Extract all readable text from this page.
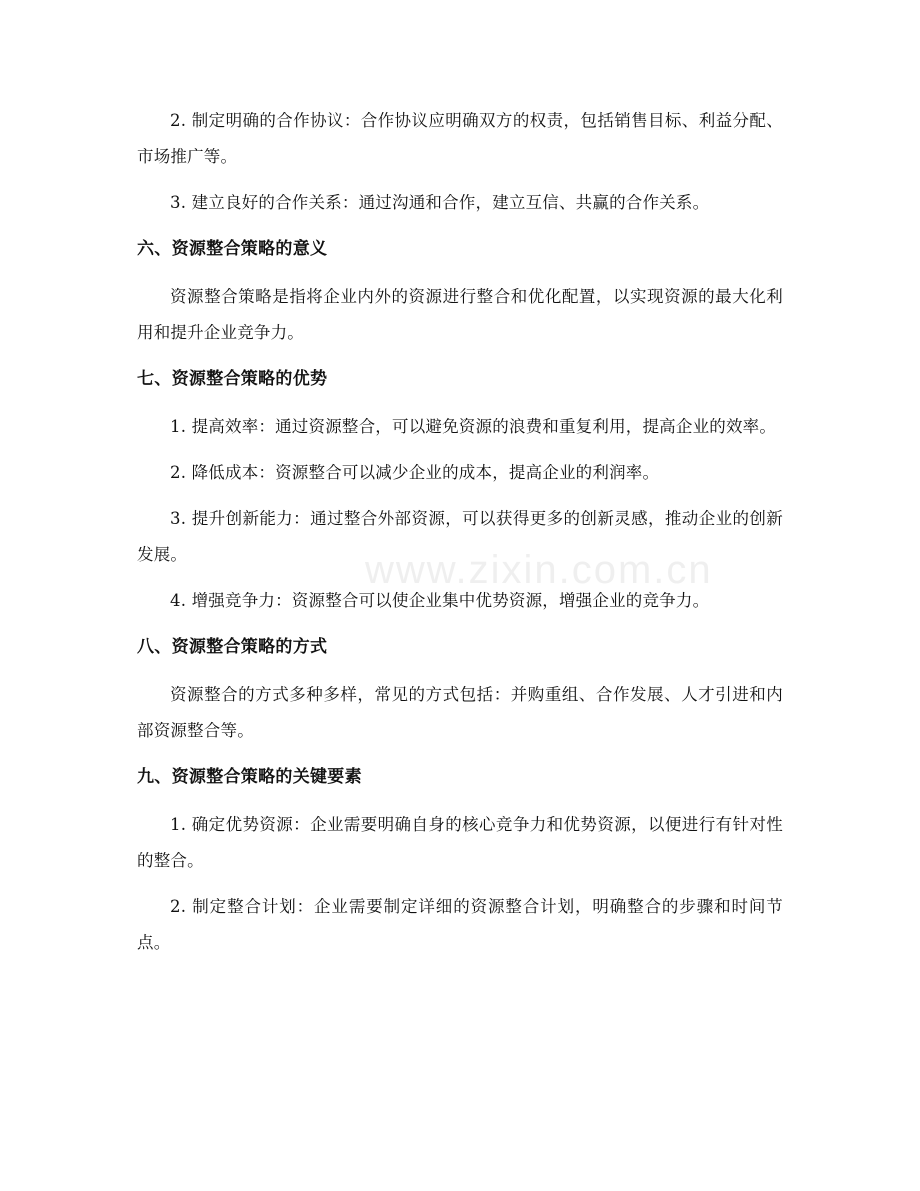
2. 制定明确的合作协议：合作协议应明确双方的权责，包括销售目标、利益分配、市场推广等。

3. 建立良好的合作关系：通过沟通和合作，建立互信、共赢的合作关系。

六、资源整合策略的意义

资源整合策略是指将企业内外的资源进行整合和优化配置，以实现资源的最大化利用和提升企业竞争力。

七、资源整合策略的优势

1. 提高效率：通过资源整合，可以避免资源的浪费和重复利用，提高企业的效率。

2. 降低成本：资源整合可以减少企业的成本，提高企业的利润率。

3. 提升创新能力：通过整合外部资源，可以获得更多的创新灵感，推动企业的创新发展。

4. 增强竞争力：资源整合可以使企业集中优势资源，增强企业的竞争力。

八、资源整合策略的方式

资源整合的方式多种多样，常见的方式包括：并购重组、合作发展、人才引进和内部资源整合等。

九、资源整合策略的关键要素

1. 确定优势资源：企业需要明确自身的核心竞争力和优势资源，以便进行有针对性的整合。

2. 制定整合计划：企业需要制定详细的资源整合计划，明确整合的步骤和时间节点。

www.zixin.com.cn
